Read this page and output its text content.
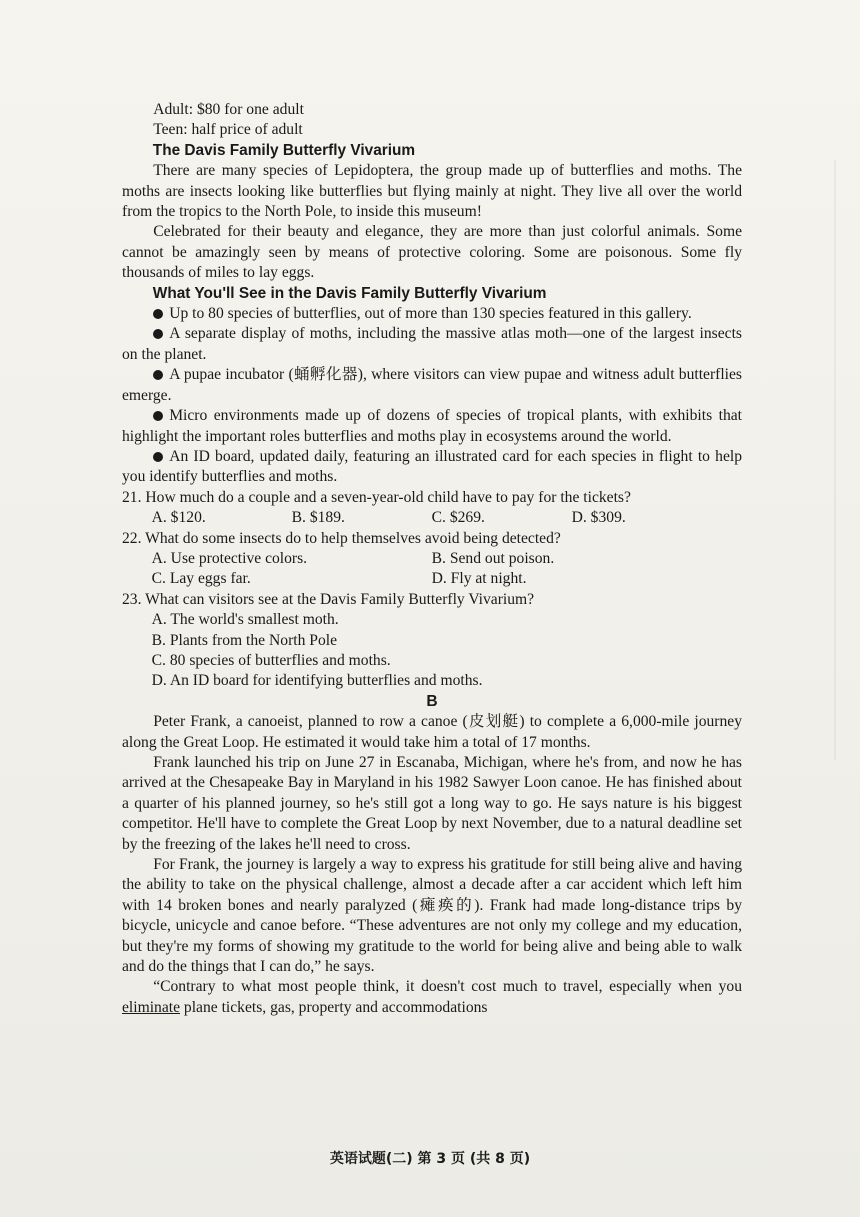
Adult: $80 for one adult

Teen: half price of adult

The Davis Family Butterfly Vivarium

There are many species of Lepidoptera, the group made up of butterflies and moths. The moths are insects looking like butterflies but flying mainly at night. They live all over the world from the tropics to the North Pole, to inside this museum!

Celebrated for their beauty and elegance, they are more than just colorful animals. Some cannot be amazingly seen by means of protective coloring. Some are poisonous. Some fly thousands of miles to lay eggs.

What You'll See in the Davis Family Butterfly Vivarium

Up to 80 species of butterflies, out of more than 130 species featured in this gallery.

A separate display of moths, including the massive atlas moth—one of the largest insects on the planet.

A pupae incubator (蛹孵化器), where visitors can view pupae and witness adult butterflies emerge.

Micro environments made up of dozens of species of tropical plants, with exhibits that highlight the important roles butterflies and moths play in ecosystems around the world.

An ID board, updated daily, featuring an illustrated card for each species in flight to help you identify butterflies and moths.

21. How much do a couple and a seven-year-old child have to pay for the tickets?

A. $120.	B. $189.	C. $269.	D. $309.

22. What do some insects do to help themselves avoid being detected?

A. Use protective colors.	B. Send out poison.
C. Lay eggs far.	D. Fly at night.

23. What can visitors see at the Davis Family Butterfly Vivarium?

A. The world's smallest moth.

B. Plants from the North Pole

C. 80 species of butterflies and moths.

D. An ID board for identifying butterflies and moths.

B

Peter Frank, a canoeist, planned to row a canoe (皮划艇) to complete a 6,000-mile journey along the Great Loop. He estimated it would take him a total of 17 months.

Frank launched his trip on June 27 in Escanaba, Michigan, where he's from, and now he has arrived at the Chesapeake Bay in Maryland in his 1982 Sawyer Loon canoe. He has finished about a quarter of his planned journey, so he's still got a long way to go. He says nature is his biggest competitor. He'll have to complete the Great Loop by next November, due to a natural deadline set by the freezing of the lakes he'll need to cross.

For Frank, the journey is largely a way to express his gratitude for still being alive and having the ability to take on the physical challenge, almost a decade after a car accident which left him with 14 broken bones and nearly paralyzed (瘫痪的). Frank had made long-distance trips by bicycle, unicycle and canoe before. “These adventures are not only my college and my education, but they're my forms of showing my gratitude to the world for being alive and being able to walk and do the things that I can do,” he says.

“Contrary to what most people think, it doesn't cost much to travel, especially when you eliminate plane tickets, gas, property and accommodations

英语试题(二) 第 3 页 (共 8 页)
